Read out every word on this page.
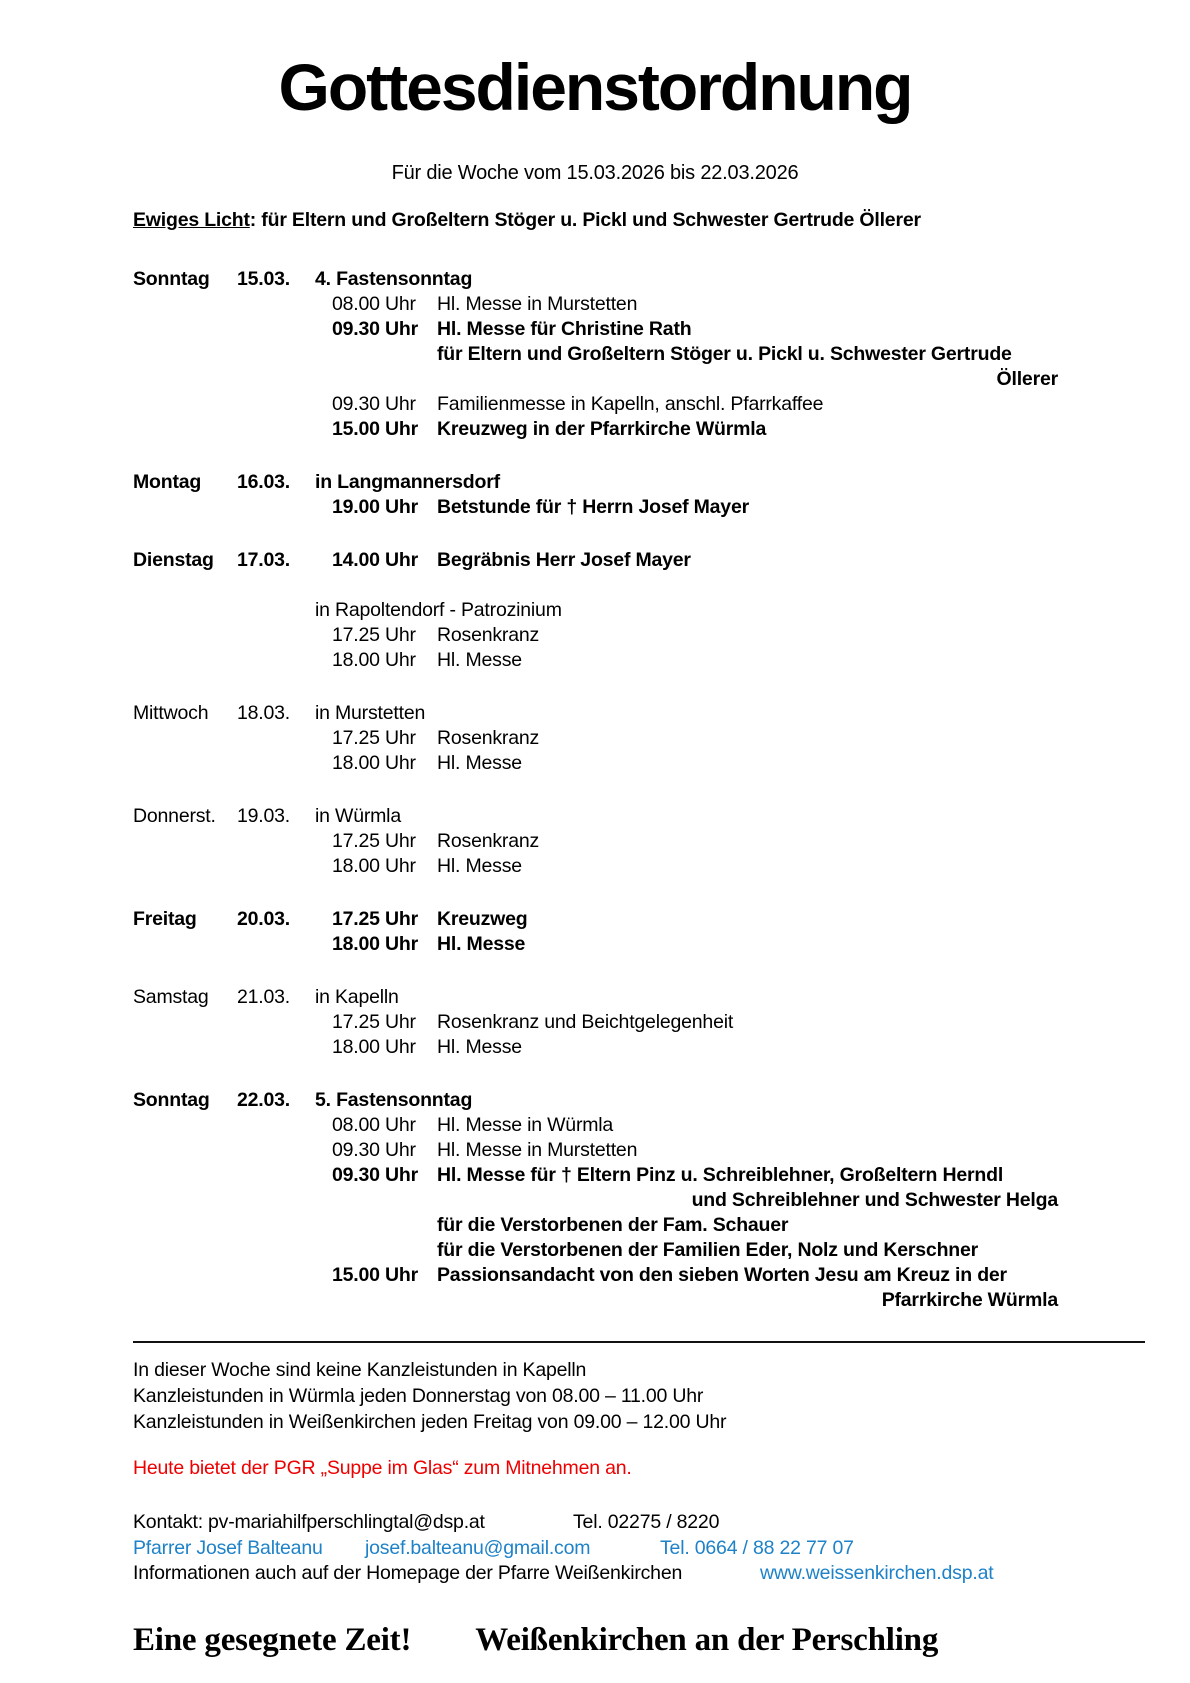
Gottesdienstordnung
Für die Woche vom 15.03.2026 bis 22.03.2026
Ewiges Licht: für Eltern und Großeltern Stöger u. Pickl und Schwester Gertrude Öllerer
Sonntag	15.03.	4. Fastensonntag
08.00 Uhr	Hl. Messe in Murstetten
09.30 Uhr Hl. Messe für Christine Rath
für Eltern und Großeltern Stöger u. Pickl u. Schwester Gertrude
Öllerer
09.30 Uhr	Familienmesse in Kapelln, anschl. Pfarrkaffee
15.00 Uhr Kreuzweg in der Pfarrkirche Würmla
Montag	16.03.	in Langmannersdorf
19.00 Uhr Betstunde für † Herrn Josef Mayer
Dienstag	17.03.	14.00 Uhr Begräbnis Herr Josef Mayer

in Rapoltendorf - Patrozinium
17.25 Uhr	Rosenkranz
18.00 Uhr	Hl. Messe
Mittwoch	18.03.	in Murstetten
17.25 Uhr	Rosenkranz
18.00 Uhr	Hl. Messe
Donnerst.	19.03.	in Würmla
17.25 Uhr	Rosenkranz
18.00 Uhr	Hl. Messe
Freitag	20.03.	17.25 Uhr Kreuzweg
18.00 Uhr Hl. Messe
Samstag	21.03.	in Kapelln
17.25 Uhr	Rosenkranz und Beichtgelegenheit
18.00 Uhr	Hl. Messe
Sonntag	22.03.	5. Fastensonntag
08.00 Uhr	Hl. Messe in Würmla
09.30 Uhr	Hl. Messe in Murstetten
09.30 Uhr Hl. Messe für † Eltern Pinz u. Schreiblehner, Großeltern Herndl
und Schreiblehner und Schwester Helga
für die Verstorbenen der Fam. Schauer
für die Verstorbenen der Familien Eder, Nolz und Kerschner
15.00 Uhr Passionsandacht von den sieben Worten Jesu am Kreuz in der
Pfarrkirche Würmla
In dieser Woche sind keine Kanzleistunden in Kapelln
Kanzleistunden in Würmla jeden Donnerstag von 08.00 – 11.00 Uhr
Kanzleistunden in Weißenkirchen jeden Freitag von 09.00 – 12.00 Uhr
Heute bietet der PGR „Suppe im Glas“ zum Mitnehmen an.
Kontakt: pv-mariahilfperschlingtal@dsp.at	Tel. 02275 / 8220
Pfarrer Josef Balteanu josef.balteanu@gmail.com	Tel. 0664 / 88 22 77 07
Informationen auch auf der Homepage der Pfarre Weißenkirchen	www.weissenkirchen.dsp.at
Eine gesegnete Zeit! Weißenkirchen an der Perschling
